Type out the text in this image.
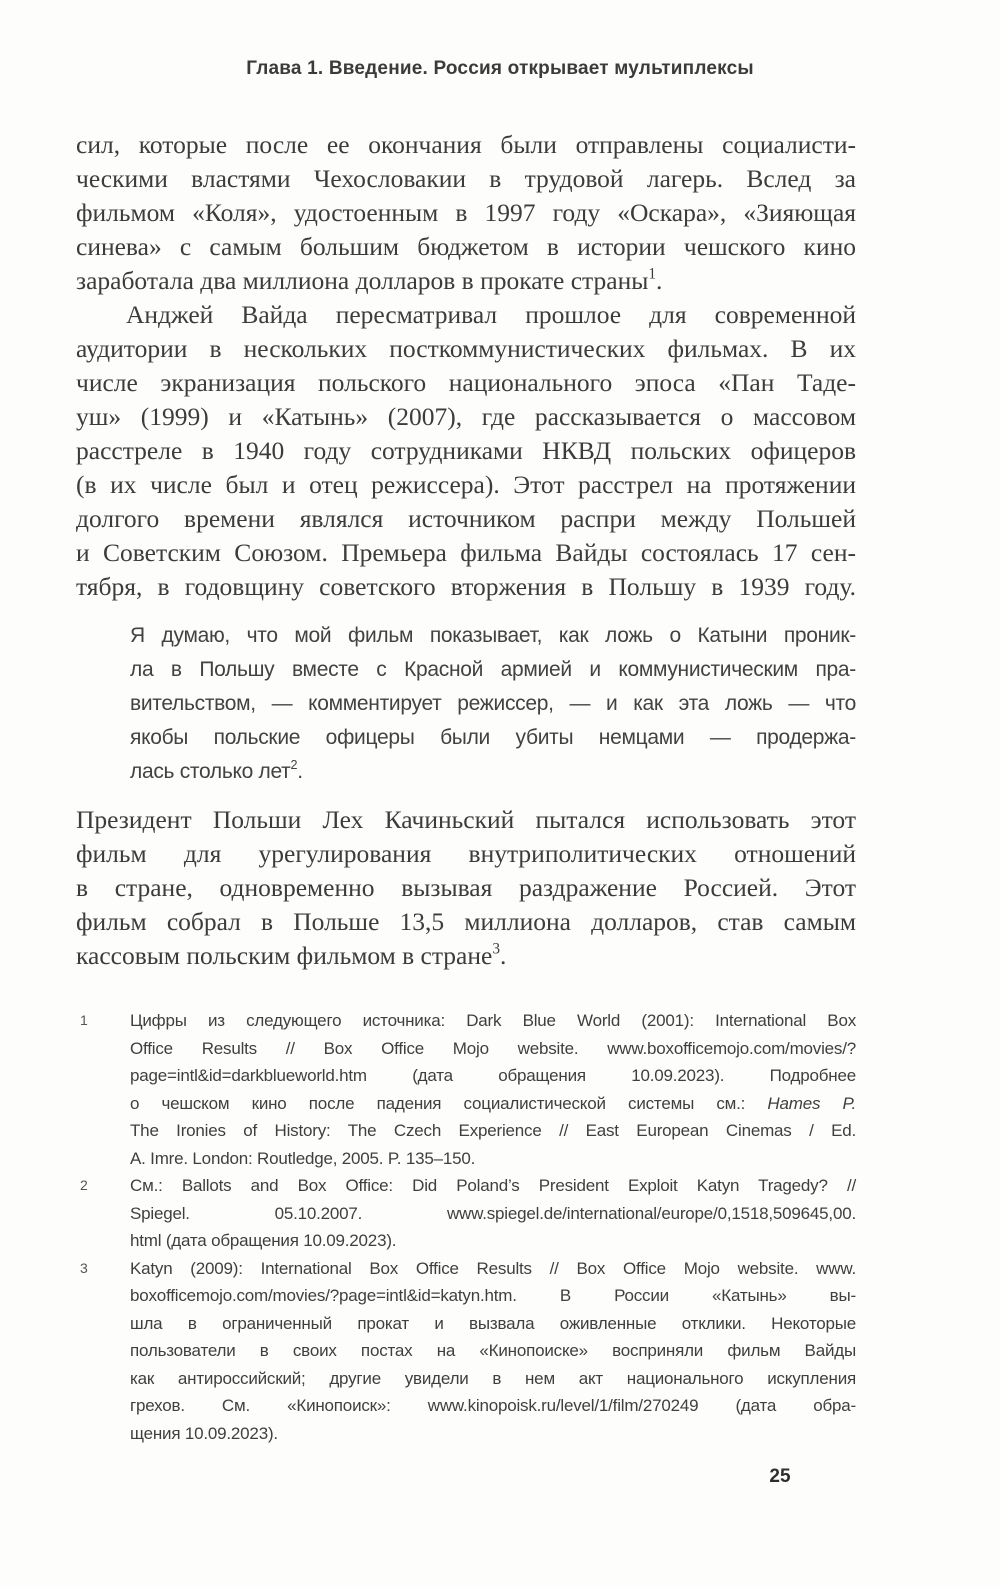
Глава 1. Введение. Россия открывает мультиплексы
сил, которые после ее окончания были отправлены социалисти-
ческими властями Чехословакии в трудовой лагерь. Вслед за
фильмом «Коля», удостоенным в 1997 году «Оскара», «Зияющая
синева» с самым большим бюджетом в истории чешского кино
заработала два миллиона долларов в прокате страны$^1$.
Анджей Вайда пересматривал прошлое для современной
аудитории в нескольких посткоммунистических фильмах. В их
числе экранизация польского национального эпоса «Пан Таде-
уш» (1999) и «Катынь» (2007), где рассказывается о массовом
расстреле в 1940 году сотрудниками НКВД польских офицеров
(в их числе был и отец режиссера). Этот расстрел на протяжении
долгого времени являлся источником распри между Польшей
и Советским Союзом. Премьера фильма Вайды состоялась 17 сен-
тября, в годовщину советского вторжения в Польшу в 1939 году.
Я думаю, что мой фильм показывает, как ложь о Катыни проник-
ла в Польшу вместе с Красной армией и коммунистическим пра-
вительством, — комментирует режиссер, — и как эта ложь — что
якобы польские офицеры были убиты немцами — продержа-
лась столько лет$^2$.
Президент Польши Лех Качиньский пытался использовать этот
фильм для урегулирования внутриполитических отношений
в стране, одновременно вызывая раздражение Россией. Этот
фильм собрал в Польше 13,5 миллиона долларов, став самым
кассовым польским фильмом в стране$^3$.
1 Цифры из следующего источника: Dark Blue World (2001): International Box
Office Results // Box Office Mojo website. www.boxofficemojo.com/movies/?
page=intl&id=darkblueworld.htm (дата обращения 10.09.2023). Подробнее
о чешском кино после падения социалистической системы см.: Hames P.
The Ironies of History: The Czech Experience // East European Cinemas / Ed.
A. Imre. London: Routledge, 2005. P. 135–150.
2 См.: Ballots and Box Office: Did Poland’s President Exploit Katyn Tragedy? //
Spiegel. 05.10.2007. www.spiegel.de/international/europe/0,1518,509645,00.
html (дата обращения 10.09.2023).
3 Katyn (2009): International Box Office Results // Box Office Mojo website. www.
boxofficemojo.com/movies/?page=intl&id=katyn.htm. В России «Катынь» вы-
шла в ограниченный прокат и вызвала оживленные отклики. Некоторые
пользователи в своих постах на «Кинопоиске» восприняли фильм Вайды
как антироссийский; другие увидели в нем акт национального искупления
грехов. См. «Кинопоиск»: www.kinopoisk.ru/level/1/film/270249 (дата обра-
щения 10.09.2023).
25
